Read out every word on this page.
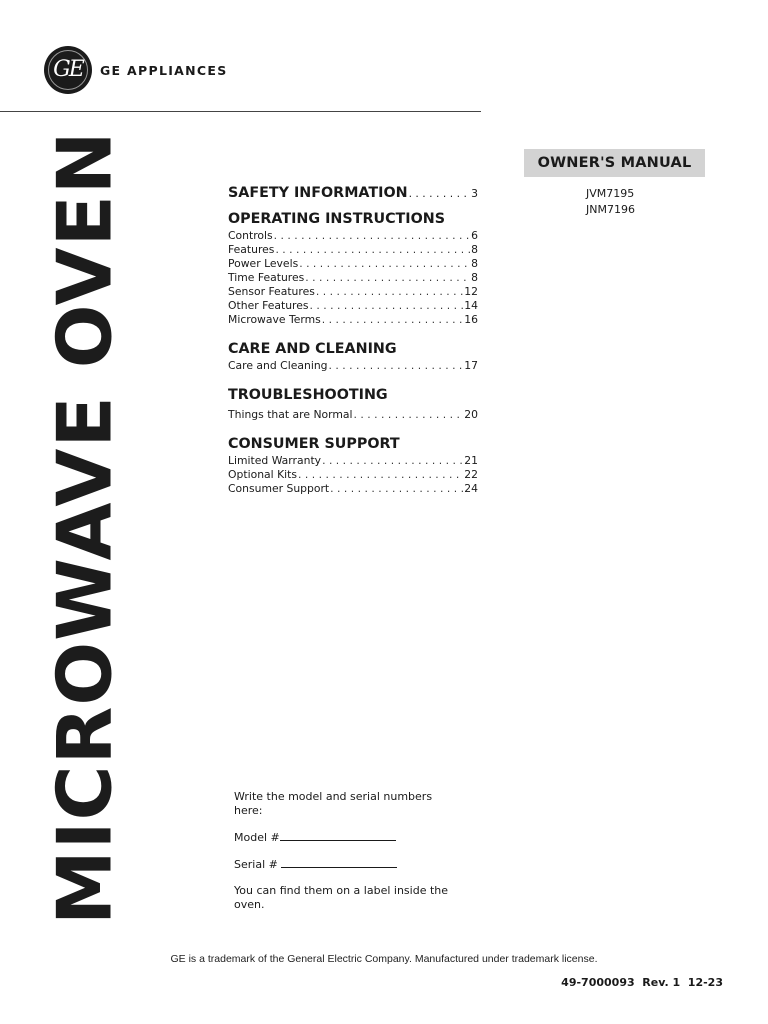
GE GE APPLIANCES
MICROWAVE OVEN	OWNER'S MANUAL
JVM7195
JNM7196
SAFETY INFORMATION . . .	3
OPERATING INSTRUCTIONS
Controls . . .	6
Features . . .	8
Power Levels . . .	8
Time Features . . .	8
Sensor Features . . .	12
Other Features . . .	14
Microwave Terms . . .	16
CARE AND CLEANING
Care and Cleaning . . .	17
TROUBLESHOOTING
Things that are Normal . . .	20
CONSUMER SUPPORT
Limited Warranty . . .	21
Optional Kits . . .	22
Consumer Support . . .	24

Write the model and serial numbers here:

Model #

Serial #

You can find them on a label inside the oven.

GE is a trademark of the General Electric Company. Manufactured under trademark license.
49-7000093  Rev. 1  12-23
